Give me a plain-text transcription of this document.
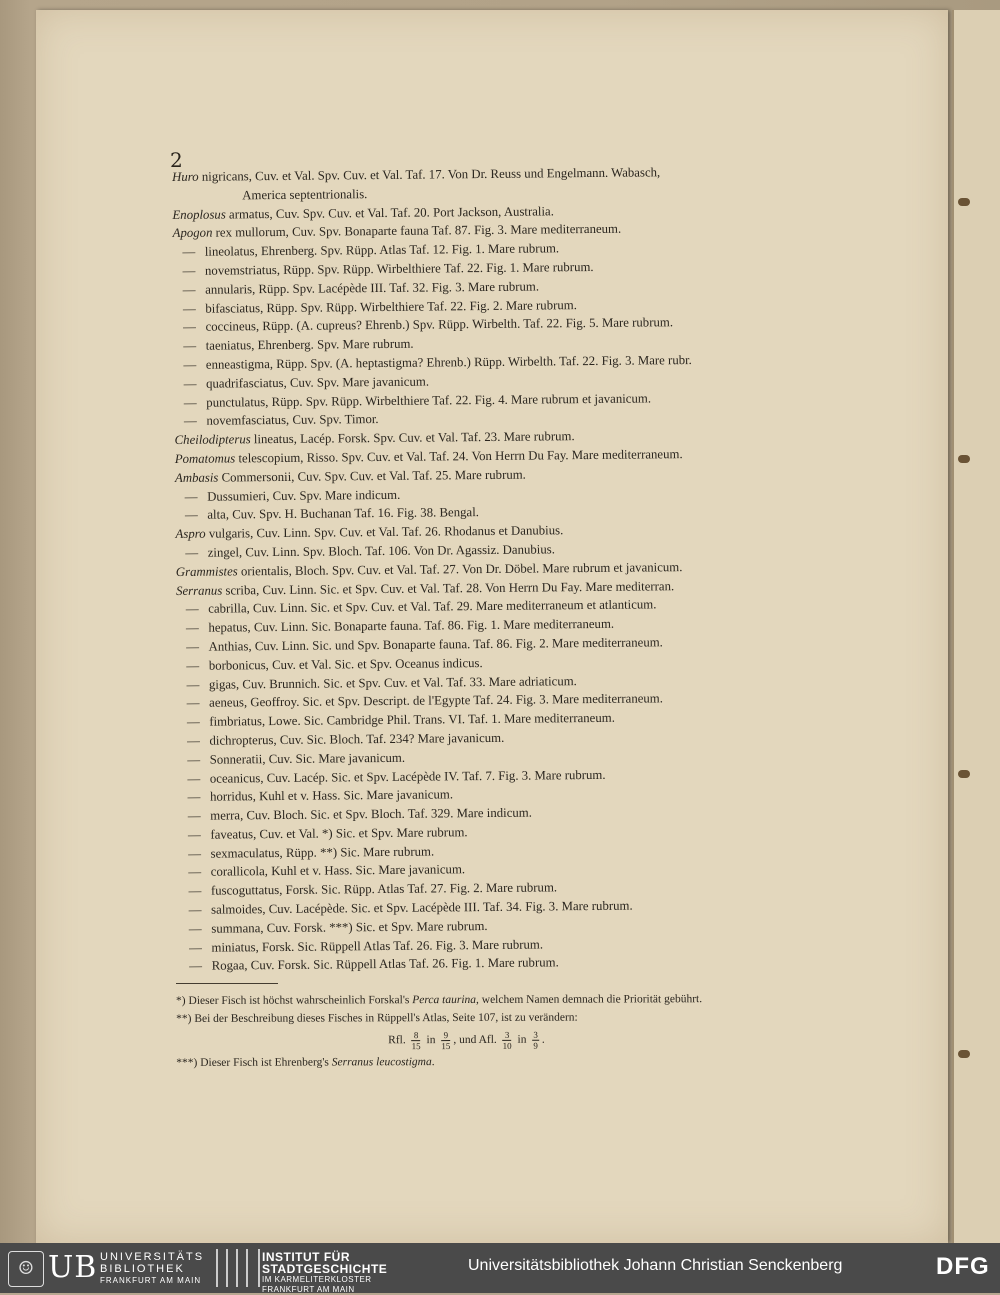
2
Huro nigricans, Cuv. et Val. Spv. Cuv. et Val. Taf. 17. Von Dr. Reuss und Engelmann. Wabasch,
America septentrionalis.
Enoplosus armatus, Cuv. Spv. Cuv. et Val. Taf. 20. Port Jackson, Australia.
Apogon rex mullorum, Cuv. Spv. Bonaparte fauna Taf. 87. Fig. 3. Mare mediterraneum.
— lineolatus, Ehrenberg. Spv. Rüpp. Atlas Taf. 12. Fig. 1. Mare rubrum.
— novemstriatus, Rüpp. Spv. Rüpp. Wirbelthiere Taf. 22. Fig. 1. Mare rubrum.
— annularis, Rüpp. Spv. Lacépède III. Taf. 32. Fig. 3. Mare rubrum.
— bifasciatus, Rüpp. Spv. Rüpp. Wirbelthiere Taf. 22. Fig. 2. Mare rubrum.
— coccineus, Rüpp. (A. cupreus? Ehrenb.) Spv. Rüpp. Wirbelth. Taf. 22. Fig. 5. Mare rubrum.
— taeniatus, Ehrenberg. Spv. Mare rubrum.
— enneastigma, Rüpp. Spv. (A. heptastigma? Ehrenb.) Rüpp. Wirbelth. Taf. 22. Fig. 3. Mare rubr.
— quadrifasciatus, Cuv. Spv. Mare javanicum.
— punctulatus, Rüpp. Spv. Rüpp. Wirbelthiere Taf. 22. Fig. 4. Mare rubrum et javanicum.
— novemfasciatus, Cuv. Spv. Timor.
Cheilodipterus lineatus, Lacép. Forsk. Spv. Cuv. et Val. Taf. 23. Mare rubrum.
Pomatomus telescopium, Risso. Spv. Cuv. et Val. Taf. 24. Von Herrn Du Fay. Mare mediterraneum.
Ambasis Commersonii, Cuv. Spv. Cuv. et Val. Taf. 25. Mare rubrum.
— Dussumieri, Cuv. Spv. Mare indicum.
— alta, Cuv. Spv. H. Buchanan Taf. 16. Fig. 38. Bengal.
Aspro vulgaris, Cuv. Linn. Spv. Cuv. et Val. Taf. 26. Rhodanus et Danubius.
— zingel, Cuv. Linn. Spv. Bloch. Taf. 106. Von Dr. Agassiz. Danubius.
Grammistes orientalis, Bloch. Spv. Cuv. et Val. Taf. 27. Von Dr. Döbel. Mare rubrum et javanicum.
Serranus scriba, Cuv. Linn. Sic. et Spv. Cuv. et Val. Taf. 28. Von Herrn Du Fay. Mare mediterran.
— cabrilla, Cuv. Linn. Sic. et Spv. Cuv. et Val. Taf. 29. Mare mediterraneum et atlanticum.
— hepatus, Cuv. Linn. Sic. Bonaparte fauna. Taf. 86. Fig. 1. Mare mediterraneum.
— Anthias, Cuv. Linn. Sic. und Spv. Bonaparte fauna. Taf. 86. Fig. 2. Mare mediterraneum.
— borbonicus, Cuv. et Val. Sic. et Spv. Oceanus indicus.
— gigas, Cuv. Brunnich. Sic. et Spv. Cuv. et Val. Taf. 33. Mare adriaticum.
— aeneus, Geoffroy. Sic. et Spv. Descript. de l'Egypte Taf. 24. Fig. 3. Mare mediterraneum.
— fimbriatus, Lowe. Sic. Cambridge Phil. Trans. VI. Taf. 1. Mare mediterraneum.
— dichropterus, Cuv. Sic. Bloch. Taf. 234? Mare javanicum.
— Sonneratii, Cuv. Sic. Mare javanicum.
— oceanicus, Cuv. Lacép. Sic. et Spv. Lacépède IV. Taf. 7. Fig. 3. Mare rubrum.
— horridus, Kuhl et v. Hass. Sic. Mare javanicum.
— merra, Cuv. Bloch. Sic. et Spv. Bloch. Taf. 329. Mare indicum.
— faveatus, Cuv. et Val. *) Sic. et Spv. Mare rubrum.
— sexmaculatus, Rüpp. **) Sic. Mare rubrum.
— corallicola, Kuhl et v. Hass. Sic. Mare javanicum.
— fuscoguttatus, Forsk. Sic. Rüpp. Atlas Taf. 27. Fig. 2. Mare rubrum.
— salmoides, Cuv. Lacépède. Sic. et Spv. Lacépède III. Taf. 34. Fig. 3. Mare rubrum.
— summana, Cuv. Forsk. ***) Sic. et Spv. Mare rubrum.
— miniatus, Forsk. Sic. Rüppell Atlas Taf. 26. Fig. 3. Mare rubrum.
— Rogaa, Cuv. Forsk. Sic. Rüppell Atlas Taf. 26. Fig. 1. Mare rubrum.
*) Dieser Fisch ist höchst wahrscheinlich Forskal's Perca taurina, welchem Namen demnach die Priorität gebührt.
**) Bei der Beschreibung dieses Fisches in Rüppell's Atlas, Seite 107, ist zu verändern:
Rfl. $\frac{8}{15}$ in $\frac{9}{15}$ , und Afl. $\frac{3}{10}$ in $\frac{3}{9}$ .
***) Dieser Fisch ist Ehrenberg's Serranus leucostigma.
☺ UB UNIVERSITÄTS
BIBLIOTHEK
FRANKFURT AM MAIN
INSTITUT FÜR
STADTGESCHICHTE
IM KARMELITERKLOSTER
FRANKFURT AM MAIN
Universitätsbibliothek Johann Christian Senckenberg	DFG
